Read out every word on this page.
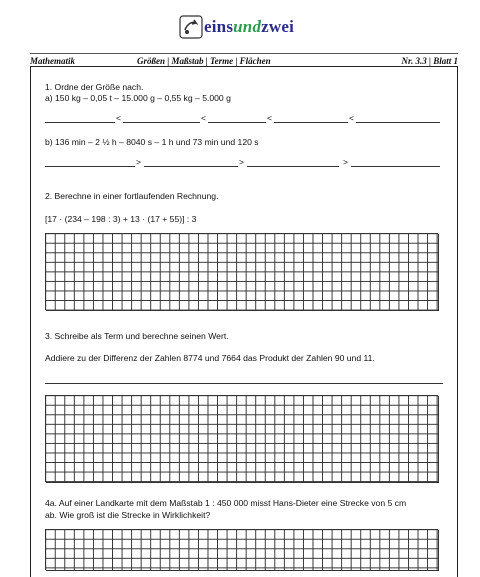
einsundzwei
Mathematik	Größen | Maßstab | Terme | Flächen	Nr. 3.3 | Blatt 1
1. Ordne der Größe nach.
a) 150 kg – 0,05 t – 15.000 g – 0,55 kg – 5.000 g
<	<	<	<
b) 136 min – 2 ½ h – 8040 s – 1 h und 73 min und 120 s
>	>	>
2. Berechne in einer fortlaufenden Rechnung.
[17 · (234 – 198 : 3) + 13 · (17 + 55)] : 3
3. Schreibe als Term und berechne seinen Wert.
Addiere zu der Differenz der Zahlen 8774 und 7664 das Produkt der Zahlen 90 und 11.
4a. Auf einer Landkarte mit dem Maßstab 1 : 450 000 misst Hans-Dieter eine Strecke von 5 cm
ab. Wie groß ist die Strecke in Wirklichkeit?
